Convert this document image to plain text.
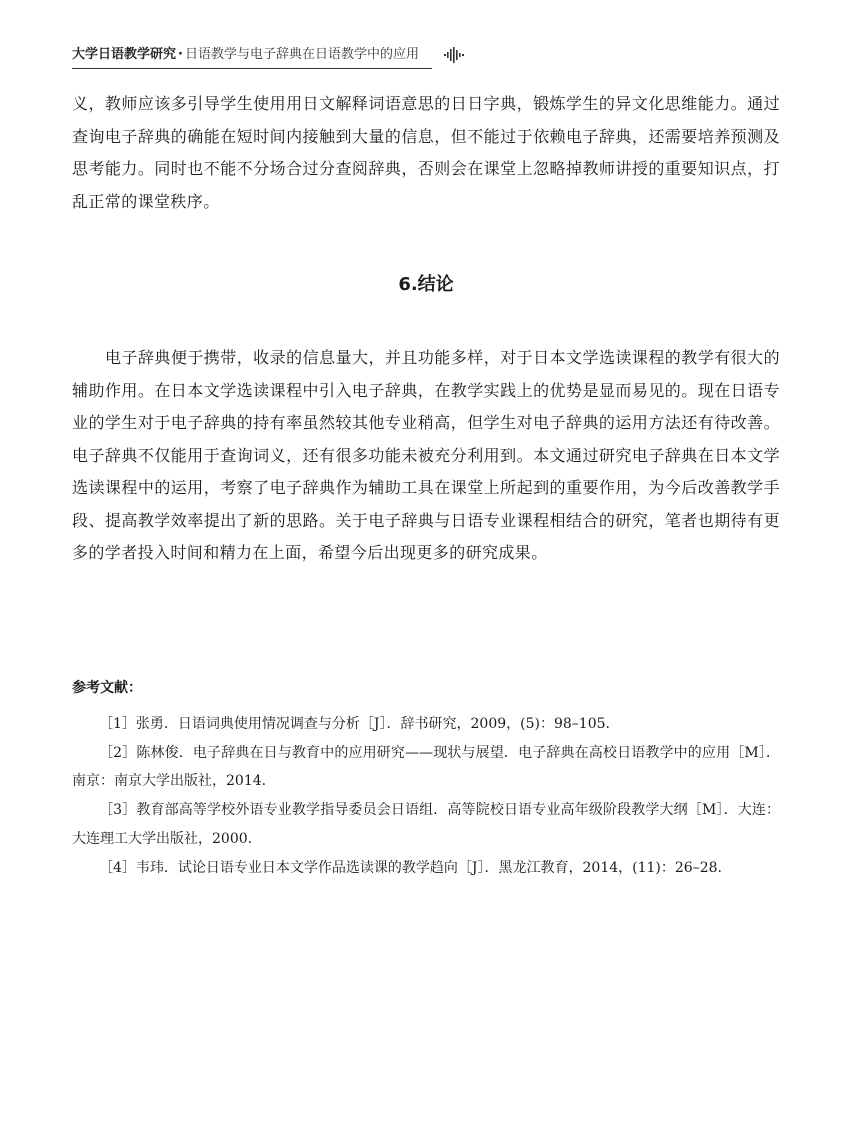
大学日语教学研究 · 日语教学与电子辞典在日语教学中的应用
义，教师应该多引导学生使用用日文解释词语意思的日日字典，锻炼学生的异文化思维能力。通过查询电子辞典的确能在短时间内接触到大量的信息，但不能过于依赖电子辞典，还需要培养预测及思考能力。同时也不能不分场合过分查阅辞典，否则会在课堂上忽略掉教师讲授的重要知识点，打乱正常的课堂秩序。
6.结论
电子辞典便于携带，收录的信息量大，并且功能多样，对于日本文学选读课程的教学有很大的辅助作用。在日本文学选读课程中引入电子辞典，在教学实践上的优势是显而易见的。现在日语专业的学生对于电子辞典的持有率虽然较其他专业稍高，但学生对电子辞典的运用方法还有待改善。电子辞典不仅能用于查询词义，还有很多功能未被充分利用到。本文通过研究电子辞典在日本文学选读课程中的运用，考察了电子辞典作为辅助工具在课堂上所起到的重要作用，为今后改善教学手段、提高教学效率提出了新的思路。关于电子辞典与日语专业课程相结合的研究，笔者也期待有更多的学者投入时间和精力在上面，希望今后出现更多的研究成果。
参考文献：
［1］张勇．日语词典使用情况调查与分析［J］．辞书研究，2009，(5)：98–105.
［2］陈林俊．电子辞典在日与教育中的应用研究——现状与展望．电子辞典在高校日语教学中的应用［M］．南京：南京大学出版社，2014.
［3］教育部高等学校外语专业教学指导委员会日语组．高等院校日语专业高年级阶段教学大纲［M］．大连：大连理工大学出版社，2000.
［4］韦玮．试论日语专业日本文学作品选读课的教学趋向［J］．黑龙江教育，2014，(11)：26–28.
